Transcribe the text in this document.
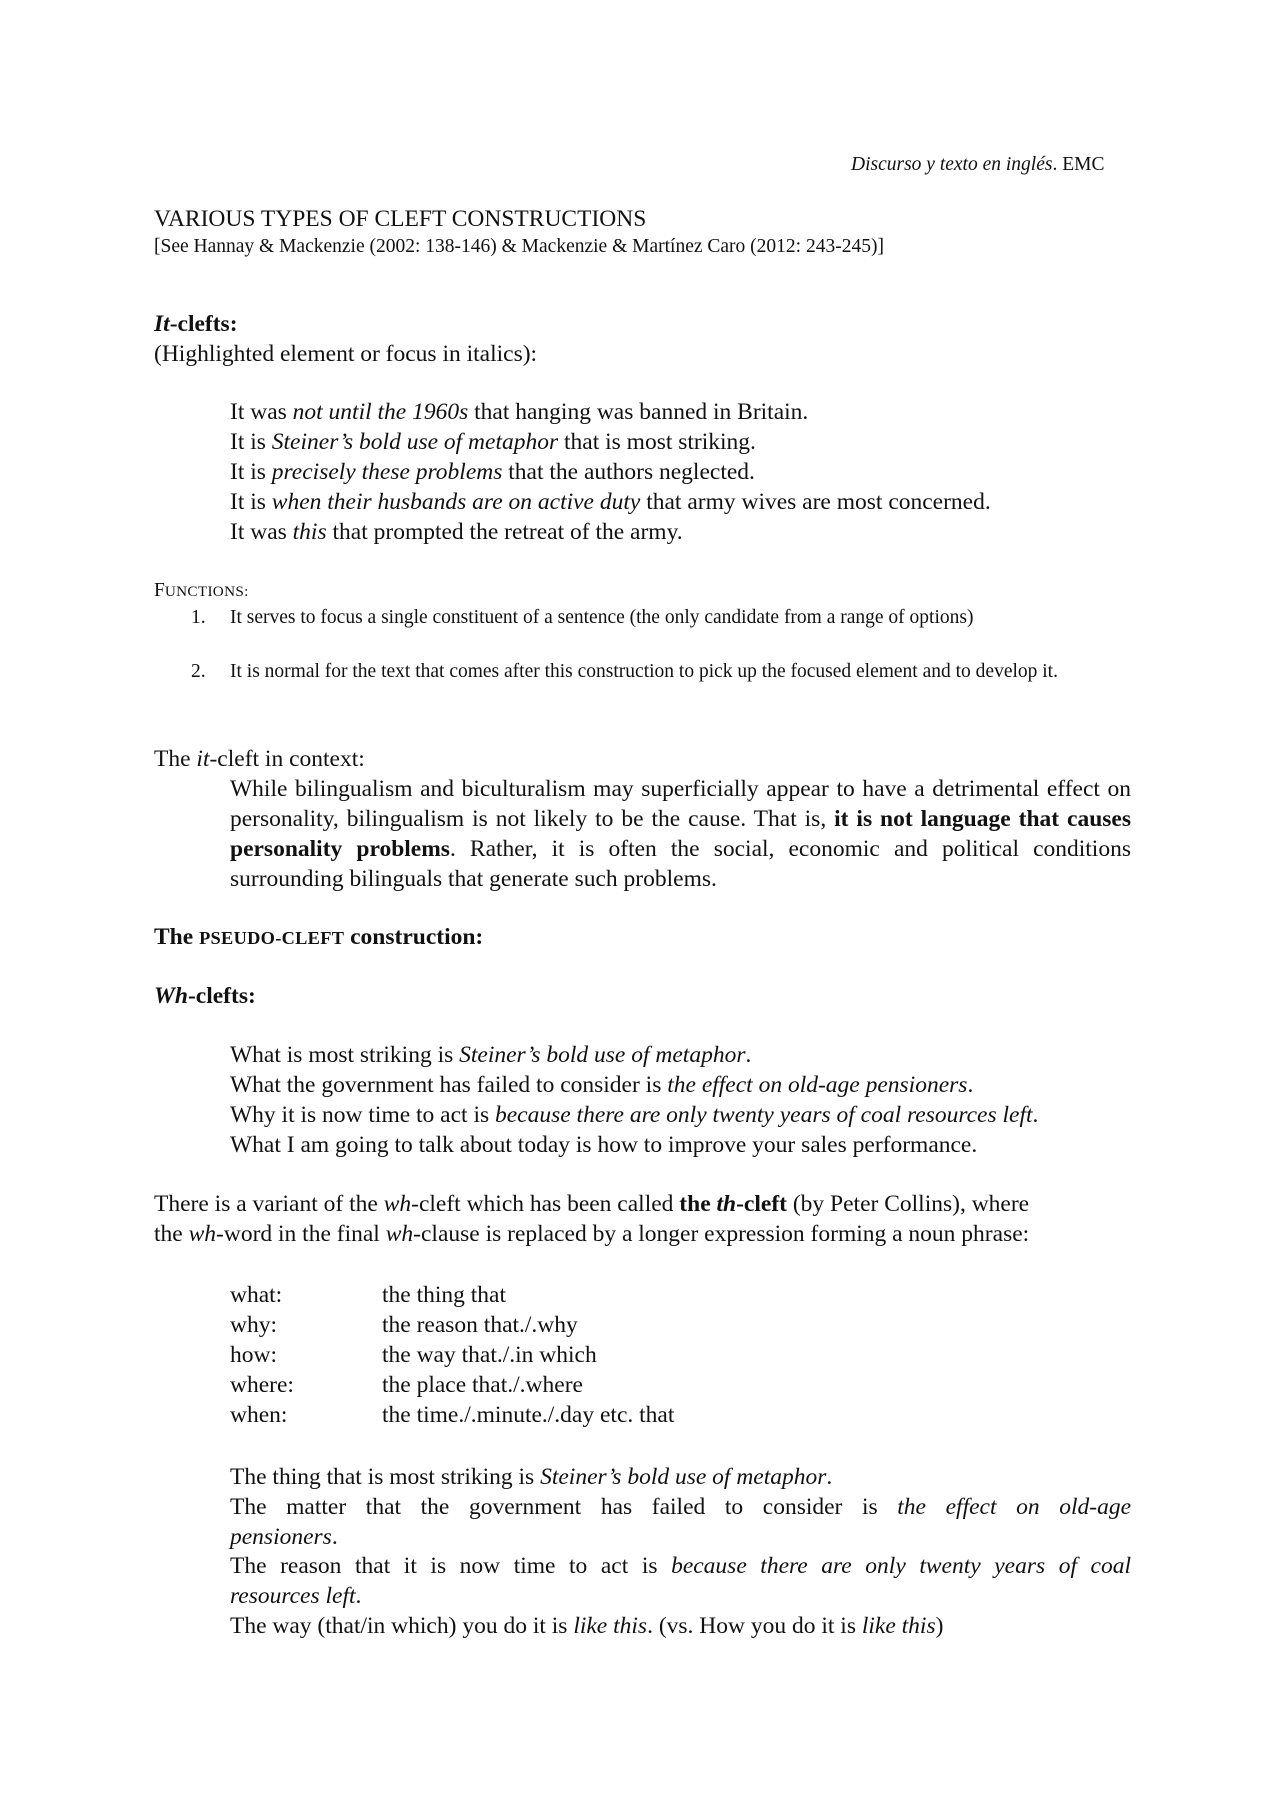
Discurso y texto en inglés. EMC
VARIOUS TYPES OF CLEFT CONSTRUCTIONS
[See Hannay & Mackenzie (2002: 138-146) & Mackenzie & Martínez Caro (2012: 243-245)]
It-clefts:
(Highlighted element or focus in italics):
It was not until the 1960s that hanging was banned in Britain.
It is Steiner’s bold use of metaphor that is most striking.
It is precisely these problems that the authors neglected.
It is when their husbands are on active duty that army wives are most concerned.
It was this that prompted the retreat of the army.
FUNCTIONS:
1. It serves to focus a single constituent of a sentence (the only candidate from a range of options)
2. It is normal for the text that comes after this construction to pick up the focused element and to develop it.
The it-cleft in context:
While bilingualism and biculturalism may superficially appear to have a detrimental effect on personality, bilingualism is not likely to be the cause. That is, it is not language that causes personality problems. Rather, it is often the social, economic and political conditions surrounding bilinguals that generate such problems.
The PSEUDO-CLEFT construction:
Wh-clefts:
What is most striking is Steiner’s bold use of metaphor.
What the government has failed to consider is the effect on old-age pensioners.
Why it is now time to act is because there are only twenty years of coal resources left.
What I am going to talk about today is how to improve your sales performance.
There is a variant of the wh-cleft which has been called the th-cleft (by Peter Collins), where
the wh-word in the final wh-clause is replaced by a longer expression forming a noun phrase:
what:	the thing that
why:	the reason that./.why
how:	the way that./.in which
where:	the place that./.where
when:	the time./.minute./.day etc. that
The thing that is most striking is Steiner’s bold use of metaphor.
The matter that the government has failed to consider is the effect on old-age
pensioners.
The reason that it is now time to act is because there are only twenty years of coal
resources left.
The way (that/in which) you do it is like this. (vs. How you do it is like this)
